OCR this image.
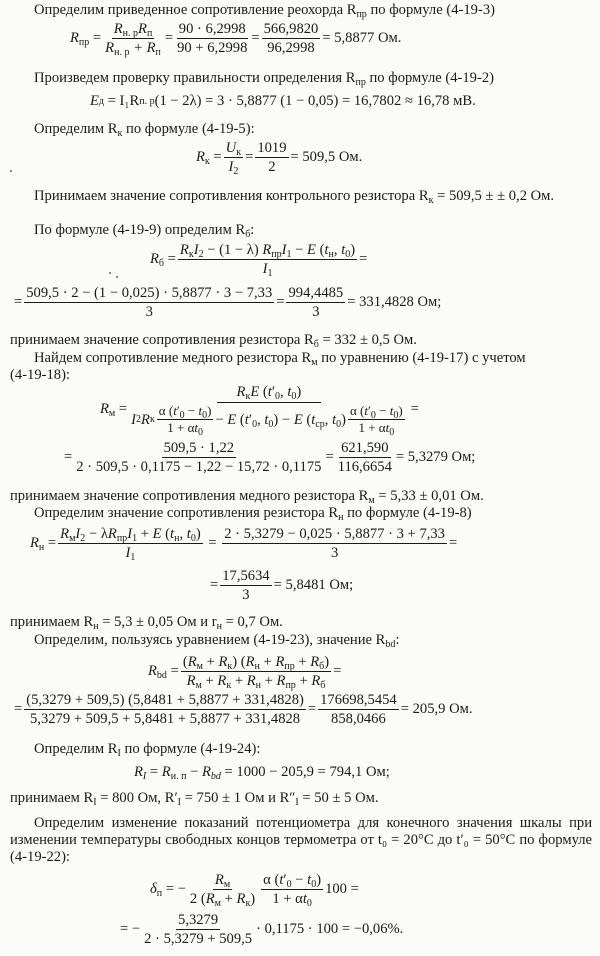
Определим приведенное сопротивление реохорда $R_{пр}$ по формуле (4-19-3)

$R_{пр} = \frac{R_{н. р}R_п}{R_{н. р} + R_п} = \frac{90 \cdot 6,2998}{90 + 6,2998} = \frac{566,9820}{96,2998} = 5,8877$ Ом.

Произведем проверку правильности определения $R_{пр}$ по формуле (4-19-2)

E д
= I₁R п. р (1 − 2λ) = 3 · 5,8877 (1 − 0,05) = 16,7802 ≈ 16,78 мВ.

Определим $R_к$ по формуле (4-19-5):

$R_к = \frac{U_к}{I_2} = \frac{1019}{2} = 509,5$ Ом.

Принимаем значение сопротивления контрольного резистора $R_к = 509,5$ ± ± 0,2 Ом.

По формуле (4-19-9) определим $R_б$:

$R_б = \frac{R_кI_2 - (1 - \lambda) R_{пр}I_1 - E (t_н, t_0)}{I_1}$ =
= $\frac{509,5 \cdot 2 - (1 - 0,025) \cdot 5,8877 \cdot 3 - 7,33}{3} = \frac{994,4485}{3} = 331,4828$ Ом;

принимаем значение сопротивления резистора $R_б = 332 \pm 0,5$ Ом.

Найдем сопротивление медного резистора $R_м$ по уравнению (4-19-17) с учетом

(4-19-18):

$R_м$ =
$R_кE$ ($t'_0$, $t_0$)
I 2 R к $\frac{\alpha (t'_0 - t_0)}{1 + \alpha t_0} - E$ ($t'_0$, $t_0) - E$ ($t_{ср}$, $t_0) \frac{\alpha (t'_0 - t_0)}{1 + \alpha t_0}$ =
= $\frac{509,5 \cdot 1,22}{2 \cdot 509,5 \cdot 0,1175 - 1,22 - 15,72 \cdot 0,1175} = \frac{621,590}{116,6654} = 5,3279$ Ом;

принимаем значение сопротивления медного резистора $R_м = 5,33 \pm 0,01$ Ом.

Определим значение сопротивления резистора $R_н$ по формуле (4-19-8)

$R_н = \frac{R_мI_2 - \lambda R_{пр}I_1 + E (t_н, t_0)}{I_1} = \frac{2 \cdot 5,3279 - 0,025 \cdot 5,8877 \cdot 3 + 7,33}{3}$ =
= $\frac{17,5634}{3} = 5,8481$ Ом;

принимаем $R_н = 5,3 \pm 0,05$ Ом и $r_н = 0,7$ Ом.

Определим, пользуясь уравнением (4-19-23), значение $R_{bd}$:

$R_{bd} = \frac{(R_м + R_к) (R_н + R_{пр} + R_б)}{R_м + R_к + R_н + R_{пр} + R_б}$ =
= $\frac{(5,3279 + 509,5) (5,8481 + 5,8877 + 331,4828)}{5,3279 + 509,5 + 5,8481 + 5,8877 + 331,4828} = \frac{176698,5454}{858,0466} = 205,9$ Ом.

Определим $R_I$ по формуле (4-19-24):

$R_I = R_{и. п} - R_{bd} = 1000 - 205,9 = 794,1$ Ом;

принимаем $R_I = 800$ Ом, $R'_I = 750 \pm 1$ Ом и $R''_I = 50 \pm 5$ Ом.

Определим изменение показаний потенциометра для конечного значения шкалы при изменении температуры свободных концов термометра от t₀ = 20°C до t′₀ = 50°C по формуле (4-19-22):

$\delta_п$ = − $\frac{R_м}{2 (R_м + R_к)} \frac{\alpha (t'_0 - t_0)}{1 + \alpha t_0} 100$ =
= − $\frac{5,3279}{2 \cdot 5,3279 + 509,5} \cdot 0,1175 \cdot 100 = -0,06\%$.
